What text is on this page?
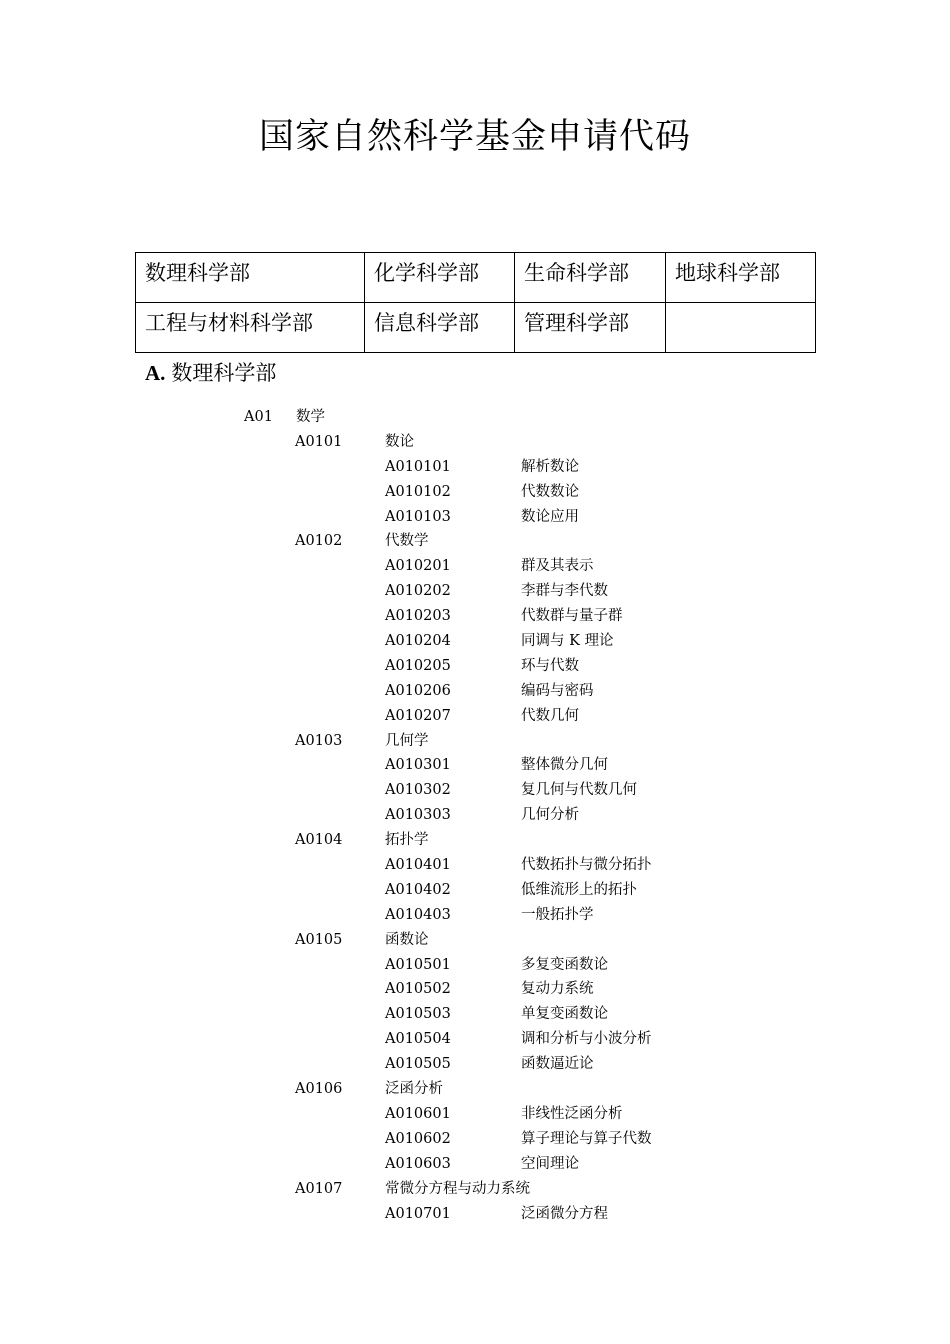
国家自然科学基金申请代码
数理科学部	化学科学部	生命科学部	地球科学部
工程与材料科学部	信息科学部	管理科学部	
A. 数理科学部
A01 数学
A0101	数论
A010101	解析数论
A010102	代数数论
A010103	数论应用
A0102	代数学
A010201	群及其表示
A010202	李群与李代数
A010203	代数群与量子群
A010204	同调与 K 理论
A010205	环与代数
A010206	编码与密码
A010207	代数几何
A0103	几何学
A010301	整体微分几何
A010302	复几何与代数几何
A010303	几何分析
A0104	拓扑学
A010401	代数拓扑与微分拓扑
A010402	低维流形上的拓扑
A010403	一般拓扑学
A0105	函数论
A010501	多复变函数论
A010502	复动力系统
A010503	单复变函数论
A010504	调和分析与小波分析
A010505	函数逼近论
A0106	泛函分析
A010601	非线性泛函分析
A010602	算子理论与算子代数
A010603	空间理论
A0107	常微分方程与动力系统
A010701	泛函微分方程
